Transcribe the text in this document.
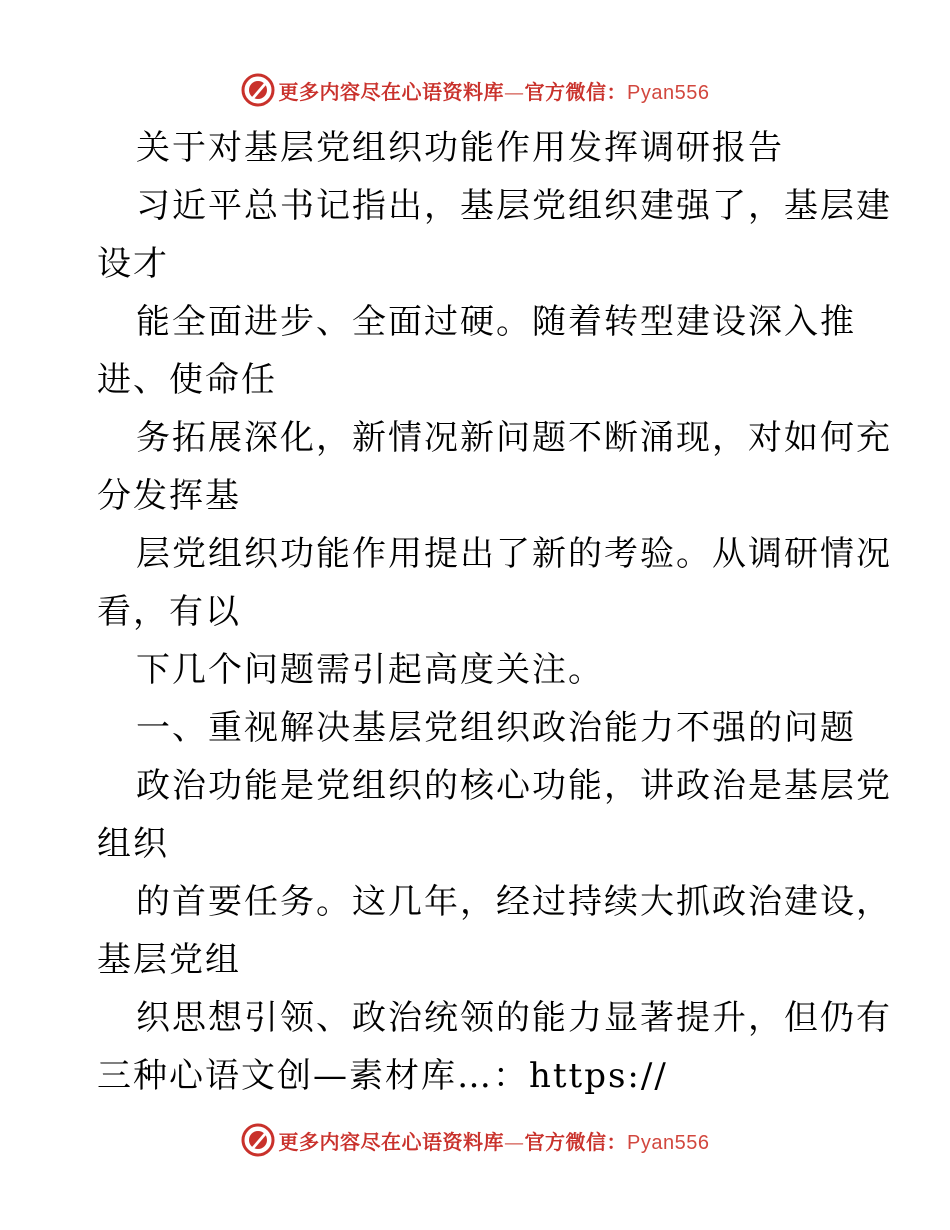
更多内容尽在心语资料库—官方微信：Pyan556
关于对基层党组织功能作用发挥调研报告
习近平总书记指出，基层党组织建强了，基层建
设才
能全面进步、全面过硬。随着转型建设深入推
进、使命任
务拓展深化，新情况新问题不断涌现，对如何充
分发挥基
层党组织功能作用提出了新的考验。从调研情况
看，有以
下几个问题需引起高度关注。
一、重视解决基层党组织政治能力不强的问题
政治功能是党组织的核心功能，讲政治是基层党
组织
的首要任务。这几年，经过持续大抓政治建设，
基层党组
织思想引领、政治统领的能力显著提升，但仍有
三种心语文创—素材库…：https://
更多内容尽在心语资料库—官方微信：Pyan556
